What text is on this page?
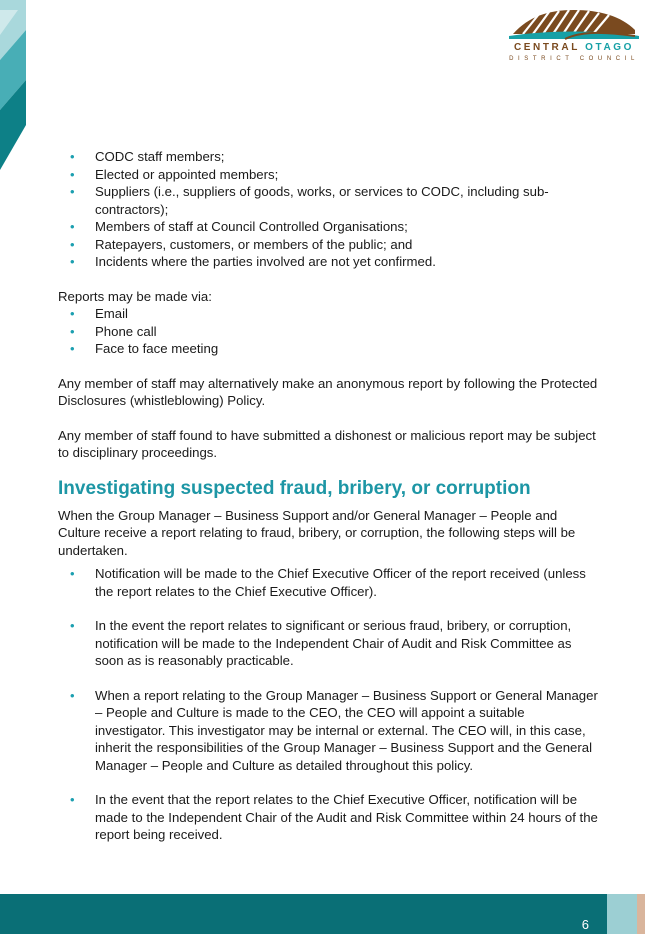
CENTRAL OTAGO
DISTRICT COUNCIL
• CODC staff members;
• Elected or appointed members;
• Suppliers (i.e., suppliers of goods, works, or services to CODC, including sub-contractors);
• Members of staff at Council Controlled Organisations;
• Ratepayers, customers, or members of the public; and
• Incidents where the parties involved are not yet confirmed.

Reports may be made via:

• Email
• Phone call
• Face to face meeting

Any member of staff may alternatively make an anonymous report by following the Protected Disclosures (whistleblowing) Policy.

Any member of staff found to have submitted a dishonest or malicious report may be subject to disciplinary proceedings.

Investigating suspected fraud, bribery, or corruption

When the Group Manager – Business Support and/or General Manager – People and Culture receive a report relating to fraud, bribery, or corruption, the following steps will be undertaken.

• Notification will be made to the Chief Executive Officer of the report received (unless the report relates to the Chief Executive Officer).
• In the event the report relates to significant or serious fraud, bribery, or corruption, notification will be made to the Independent Chair of Audit and Risk Committee as soon as is reasonably practicable.
• When a report relating to the Group Manager – Business Support or General Manager – People and Culture is made to the CEO, the CEO will appoint a suitable investigator. This investigator may be internal or external. The CEO will, in this case, inherit the responsibilities of the Group Manager – Business Support and the General Manager – People and Culture as detailed throughout this policy.
• In the event that the report relates to the Chief Executive Officer, notification will be made to the Independent Chair of the Audit and Risk Committee within 24 hours of the report being received.
6
